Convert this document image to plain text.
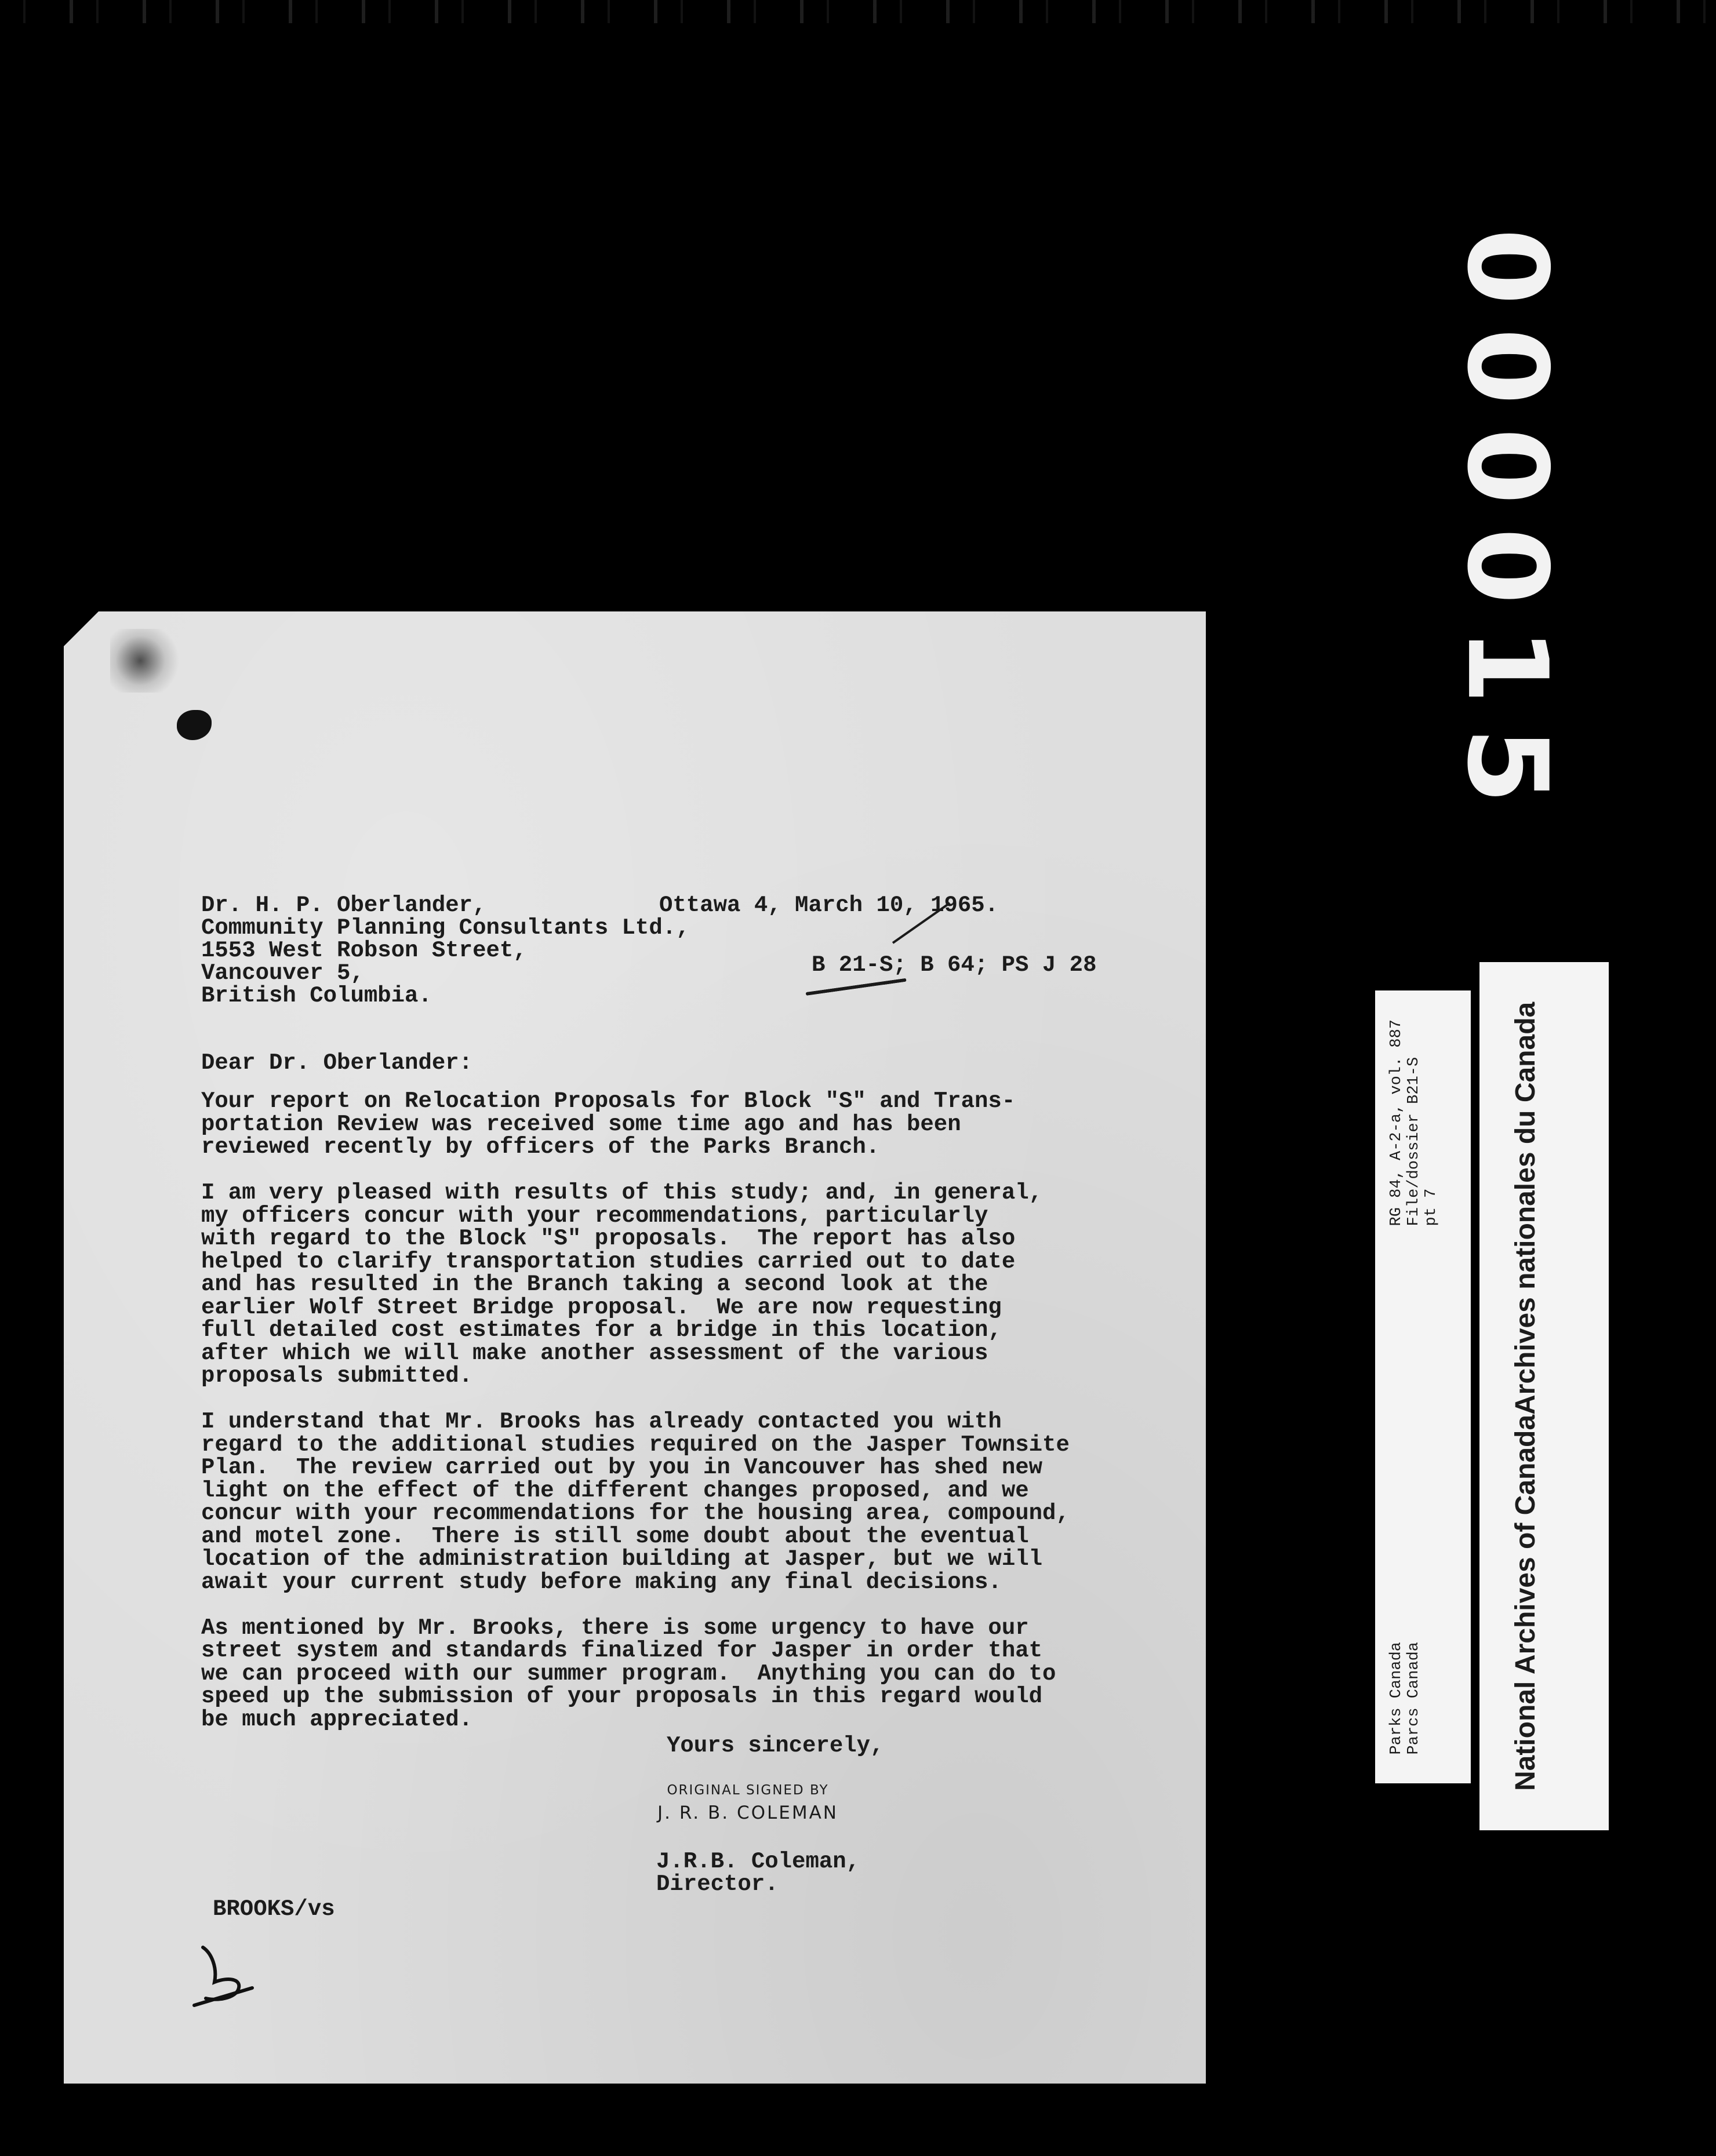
000015
Dr. H. P. Oberlander,
Community Planning Consultants Ltd.,
1553 West Robson Street,
Vancouver 5,
British Columbia.
Ottawa 4, March 10, 1965.
B 21-S; B 64; PS J 28
Dear Dr. Oberlander:
Your report on Relocation Proposals for Block "S" and Trans-
portation Review was received some time ago and has been
reviewed recently by officers of the Parks Branch.

I am very pleased with results of this study; and, in general,
my officers concur with your recommendations, particularly
with regard to the Block "S" proposals.  The report has also
helped to clarify transportation studies carried out to date
and has resulted in the Branch taking a second look at the
earlier Wolf Street Bridge proposal.  We are now requesting
full detailed cost estimates for a bridge in this location,
after which we will make another assessment of the various
proposals submitted.

I understand that Mr. Brooks has already contacted you with
regard to the additional studies required on the Jasper Townsite
Plan.  The review carried out by you in Vancouver has shed new
light on the effect of the different changes proposed, and we
concur with your recommendations for the housing area, compound,
and motel zone.  There is still some doubt about the eventual
location of the administration building at Jasper, but we will
await your current study before making any final decisions.

As mentioned by Mr. Brooks, there is some urgency to have our
street system and standards finalized for Jasper in order that
we can proceed with our summer program.  Anything you can do to
speed up the submission of your proposals in this regard would
be much appreciated.
Yours sincerely,
ORIGINAL SIGNED BY
J. R. B. COLEMAN
J.R.B. Coleman,
Director.
BROOKS/vs
RG 84, A-2-a, vol. 887 File/dossier B21-S pt 7
Parks Canada Parcs Canada	National Archives of Canada
Archives nationales du Canada
